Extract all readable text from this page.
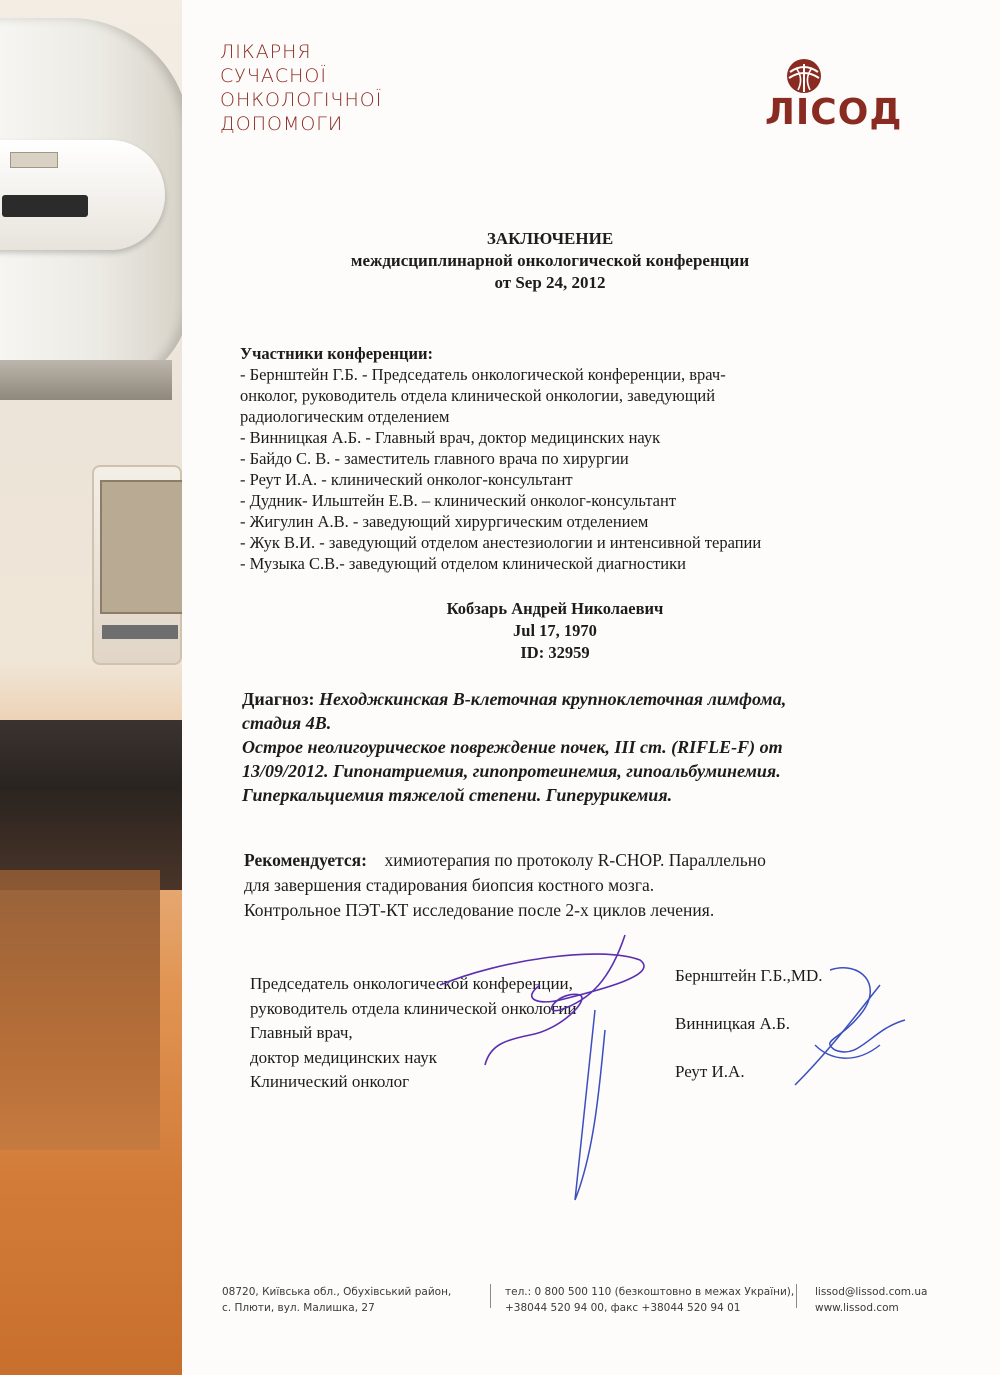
ЛІКАРНЯ
СУЧАСНОЇ
ОНКОЛОГІЧНОЇ
ДОПОМОГИ	ЛІСОД
ЗАКЛЮЧЕНИЕ
междисциплинарной онкологической конференции
от Sep 24, 2012
Участники конференции:
- Бернштейн Г.Б. - Председатель онкологической конференции, врач-
онколог, руководитель отдела клинической онкологии, заведующий
радиологическим отделением
- Винницкая А.Б. - Главный врач, доктор медицинских наук
- Байдо С. В. - заместитель главного врача по хирургии
- Реут И.А. - клинический онколог-консультант
- Дудник- Ильштейн Е.В. – клинический онколог-консультант
- Жигулин А.В. - заведующий хирургическим отделением
- Жук В.И. - заведующий отделом анестезиологии и интенсивной терапии
- Музыка С.В.- заведующий отделом клинической диагностики
Кобзарь Андрей Николаевич
Jul 17, 1970
ID: 32959
Диагноз: Неходжкинская В-клеточная крупноклеточная лимфома,
стадия 4В.
Острое неолигоурическое повреждение почек, III ст. (RIFLE-F) от
13/09/2012. Гипонатриемия, гипопротеинемия, гипоальбуминемия.
Гиперкальциемия тяжелой степени. Гиперурикемия.
Рекомендуется: химиотерапия по протоколу R-CHOP. Параллельно
для завершения стадирования биопсия костного мозга.
Контрольное ПЭТ-КТ исследование после 2-х циклов лечения.
Председатель онкологической конференции,
руководитель отдела клинической онкологии
Главный врач,
доктор медицинских наук
Клинический онколог
Бернштейн Г.Б.,MD.
Винницкая А.Б.
Реут И.А.
08720, Київська обл., Обухівський район,
с. Плюти, вул. Малишка, 27
тел.: 0 800 500 110 (безкоштовно в межах України),
+38044 520 94 00, факс +38044 520 94 01
lissod@lissod.com.ua
www.lissod.com
